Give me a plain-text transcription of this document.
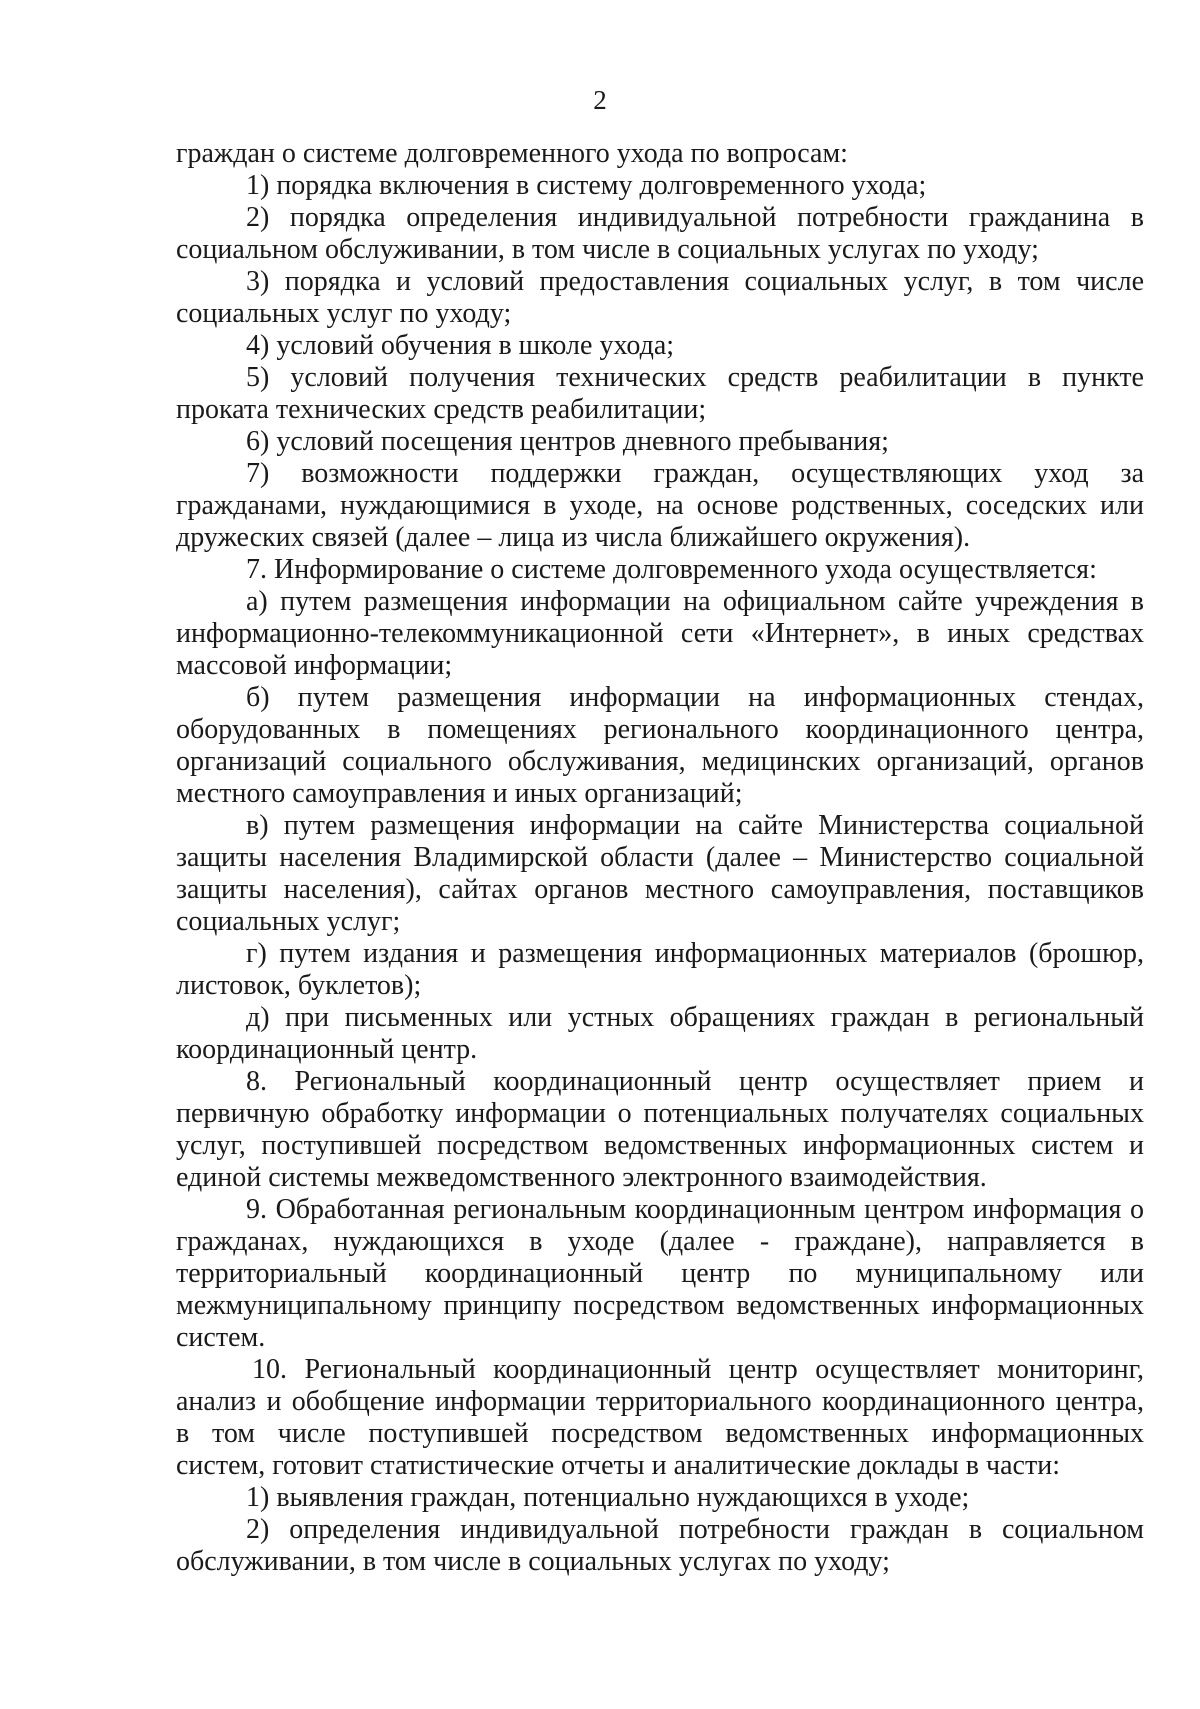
2

граждан о системе долговременного ухода по вопросам:

1) порядка включения в систему долговременного ухода;

2) порядка определения индивидуальной потребности гражданина в социальном обслуживании, в том числе в социальных услугах по уходу;

3) порядка и условий предоставления социальных услуг, в том числе социальных услуг по уходу;

4) условий обучения в школе ухода;

5) условий получения технических средств реабилитации в пункте проката технических средств реабилитации;

6) условий посещения центров дневного пребывания;

7) возможности поддержки граждан, осуществляющих уход за гражданами, нуждающимися в уходе, на основе родственных, соседских или дружеских связей (далее – лица из числа ближайшего окружения).

7. Информирование о системе долговременного ухода осуществляется:

а) путем размещения информации на официальном сайте учреждения в информационно-телекоммуникационной сети «Интернет», в иных средствах массовой информации;

б) путем размещения информации на информационных стендах, оборудованных в помещениях регионального координационного центра, организаций социального обслуживания, медицинских организаций, органов местного самоуправления и иных организаций;

в) путем размещения информации на сайте Министерства социальной защиты населения Владимирской области (далее – Министерство социальной защиты населения), сайтах органов местного самоуправления, поставщиков социальных услуг;

г) путем издания и размещения информационных материалов (брошюр, листовок, буклетов);

д) при письменных или устных обращениях граждан в региональный координационный центр.

8. Региональный координационный центр осуществляет прием и первичную обработку информации о потенциальных получателях социальных услуг, поступившей посредством ведомственных информационных систем и единой системы межведомственного электронного взаимодействия.

9. Обработанная региональным координационным центром информация о гражданах, нуждающихся в уходе (далее - граждане), направляется в территориальный координационный центр по муниципальному или межмуниципальному принципу посредством ведомственных информационных систем.

10. Региональный координационный центр осуществляет мониторинг, анализ и обобщение информации территориального координационного центра, в том числе поступившей посредством ведомственных информационных систем, готовит статистические отчеты и аналитические доклады в части:

1) выявления граждан, потенциально нуждающихся в уходе;

2) определения индивидуальной потребности граждан в социальном обслуживании, в том числе в социальных услугах по уходу;
